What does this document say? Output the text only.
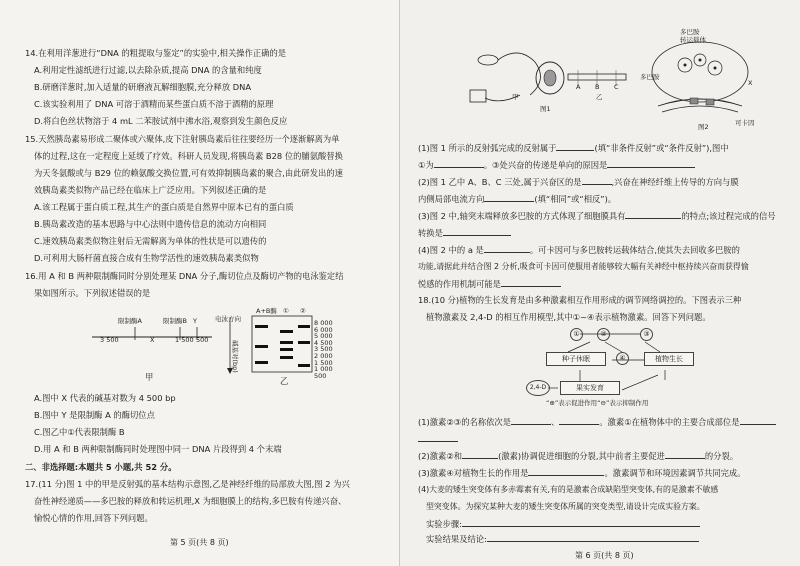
14.在利用洋葱进行“DNA 的粗提取与鉴定”的实验中,相关操作正确的是
A.利用定性滤纸进行过滤,以去除杂质,提高 DNA 的含量和纯度
B.研磨洋葱时,加入适量的研磨液瓦解细胞膜,充分释放 DNA
C.该实验利用了 DNA 可溶于酒精而某些蛋白质不溶于酒精的原理
D.将白色丝状物溶于 4 mL 二苯胺试剂中沸水浴,观察到发生颜色反应
15.天然胰岛素易形成二聚体或六聚体,皮下注射胰岛素后往往要经历一个逐渐解离为单
体的过程,这在一定程度上延缓了疗效。科研人员发现,将胰岛素 B28 位的脯氨酸替换
为天冬氨酸或与 B29 位的赖氨酸交换位置,可有效抑制胰岛素的聚合,由此研发出的速
效胰岛素类似物产品已经在临床上广泛应用。下列叙述正确的是
A.该工程属于蛋白质工程,其生产的蛋白质是自然界中原本已有的蛋白质
B.胰岛素改造的基本思路与中心法则中遗传信息的流动方向相同
C.速效胰岛素类似物注射后无需解离为单体的性状是可以遗传的
D.可利用大肠杆菌直接合成有生物学活性的速效胰岛素类似物
16.用 A 和 B 两种限制酶同时分别处理某 DNA 分子,酶切位点及酶切产物的电泳鉴定结
果如图所示。下列叙述错误的是
限制酶A	限制酶B Y
3 500	X	1 500 500
甲
A+B酶 ① ②
电泳方向
碱基对(bp)
8 000
6 000
5 000
4 500
3 500
2 000
1 500
1 000
500
乙
A.图中 X 代表的碱基对数为 4 500 bp
B.图中 Y 是限制酶 A 的酶切位点
C.图乙中①代表限制酶 B
D.用 A 和 B 两种限制酶同时处理图中同一 DNA 片段得到 4 个末端
二、非选择题:本题共 5 小题,共 52 分。
17.(11 分)图 1 中的甲是反射弧的基本结构示意图,乙是神经纤维的局部放大图,图 2 为兴
奋性神经递质——多巴胺的释放和转运机理,X 为细胞膜上的结构,多巴胺有传递兴奋、
愉悦心情的作用,回答下列问题。
第 5 页(共 8 页)
甲	乙
A B C
图1
多巴胺
转运载体
多巴胺
可卡因
X
图2
(1)图 1 所示的反射弧完成的反射属于	(填“非条件反射”或“条件反射”),图中
①为	。③处兴奋的传递是单向的原因是
(2)图 1 乙中 A、B、C 三处,属于兴奋区的是	,兴奋在神经纤维上传导的方向与膜
内侧局部电流方向	(填“相同”或“相反”)。
(3)图 2 中,轴突末端释放多巴胺的方式体现了细胞膜具有	的特点;该过程完成的信号
转换是
(4)图 2 中的 a 是	。可卡因可与多巴胺转运载体结合,使其失去回收多巴胺的
功能,请据此并结合图 2 分析,吸食可卡因可使服用者能够较大幅有关神经中枢持续兴奋而获得愉
悦感的作用机制可能是
18.(10 分)植物的生长发育是由多种激素相互作用形成的调节网络调控的。下图表示三种
植物激素及 2,4-D 的相互作用模型,其中①~④表示植物激素。回答下列问题。
①	②	③
④
种子休眠	植物生长
2,4-D	果实发育
“⊕”表示促进作用“⊖”表示抑制作用
(1)激素②③的名称依次是	、	。激素①在植物体中的主要合成部位是
(2)激素②和	(激素)协调促进细胞的分裂,其中前者主要促进	的分裂。
(3)激素④对植物生长的作用是	。激素调节和环境因素调节共同完成。
(4)大麦的矮生突变体有多赤霉素有关,有的是激素合成缺陷型突变体,有的是激素不敏感
型突变体。为探究某种大麦的矮生突变体所属的突变类型,请设计完成实验方案。
实验步骤:
实验结果及结论:
第 6 页(共 8 页)
